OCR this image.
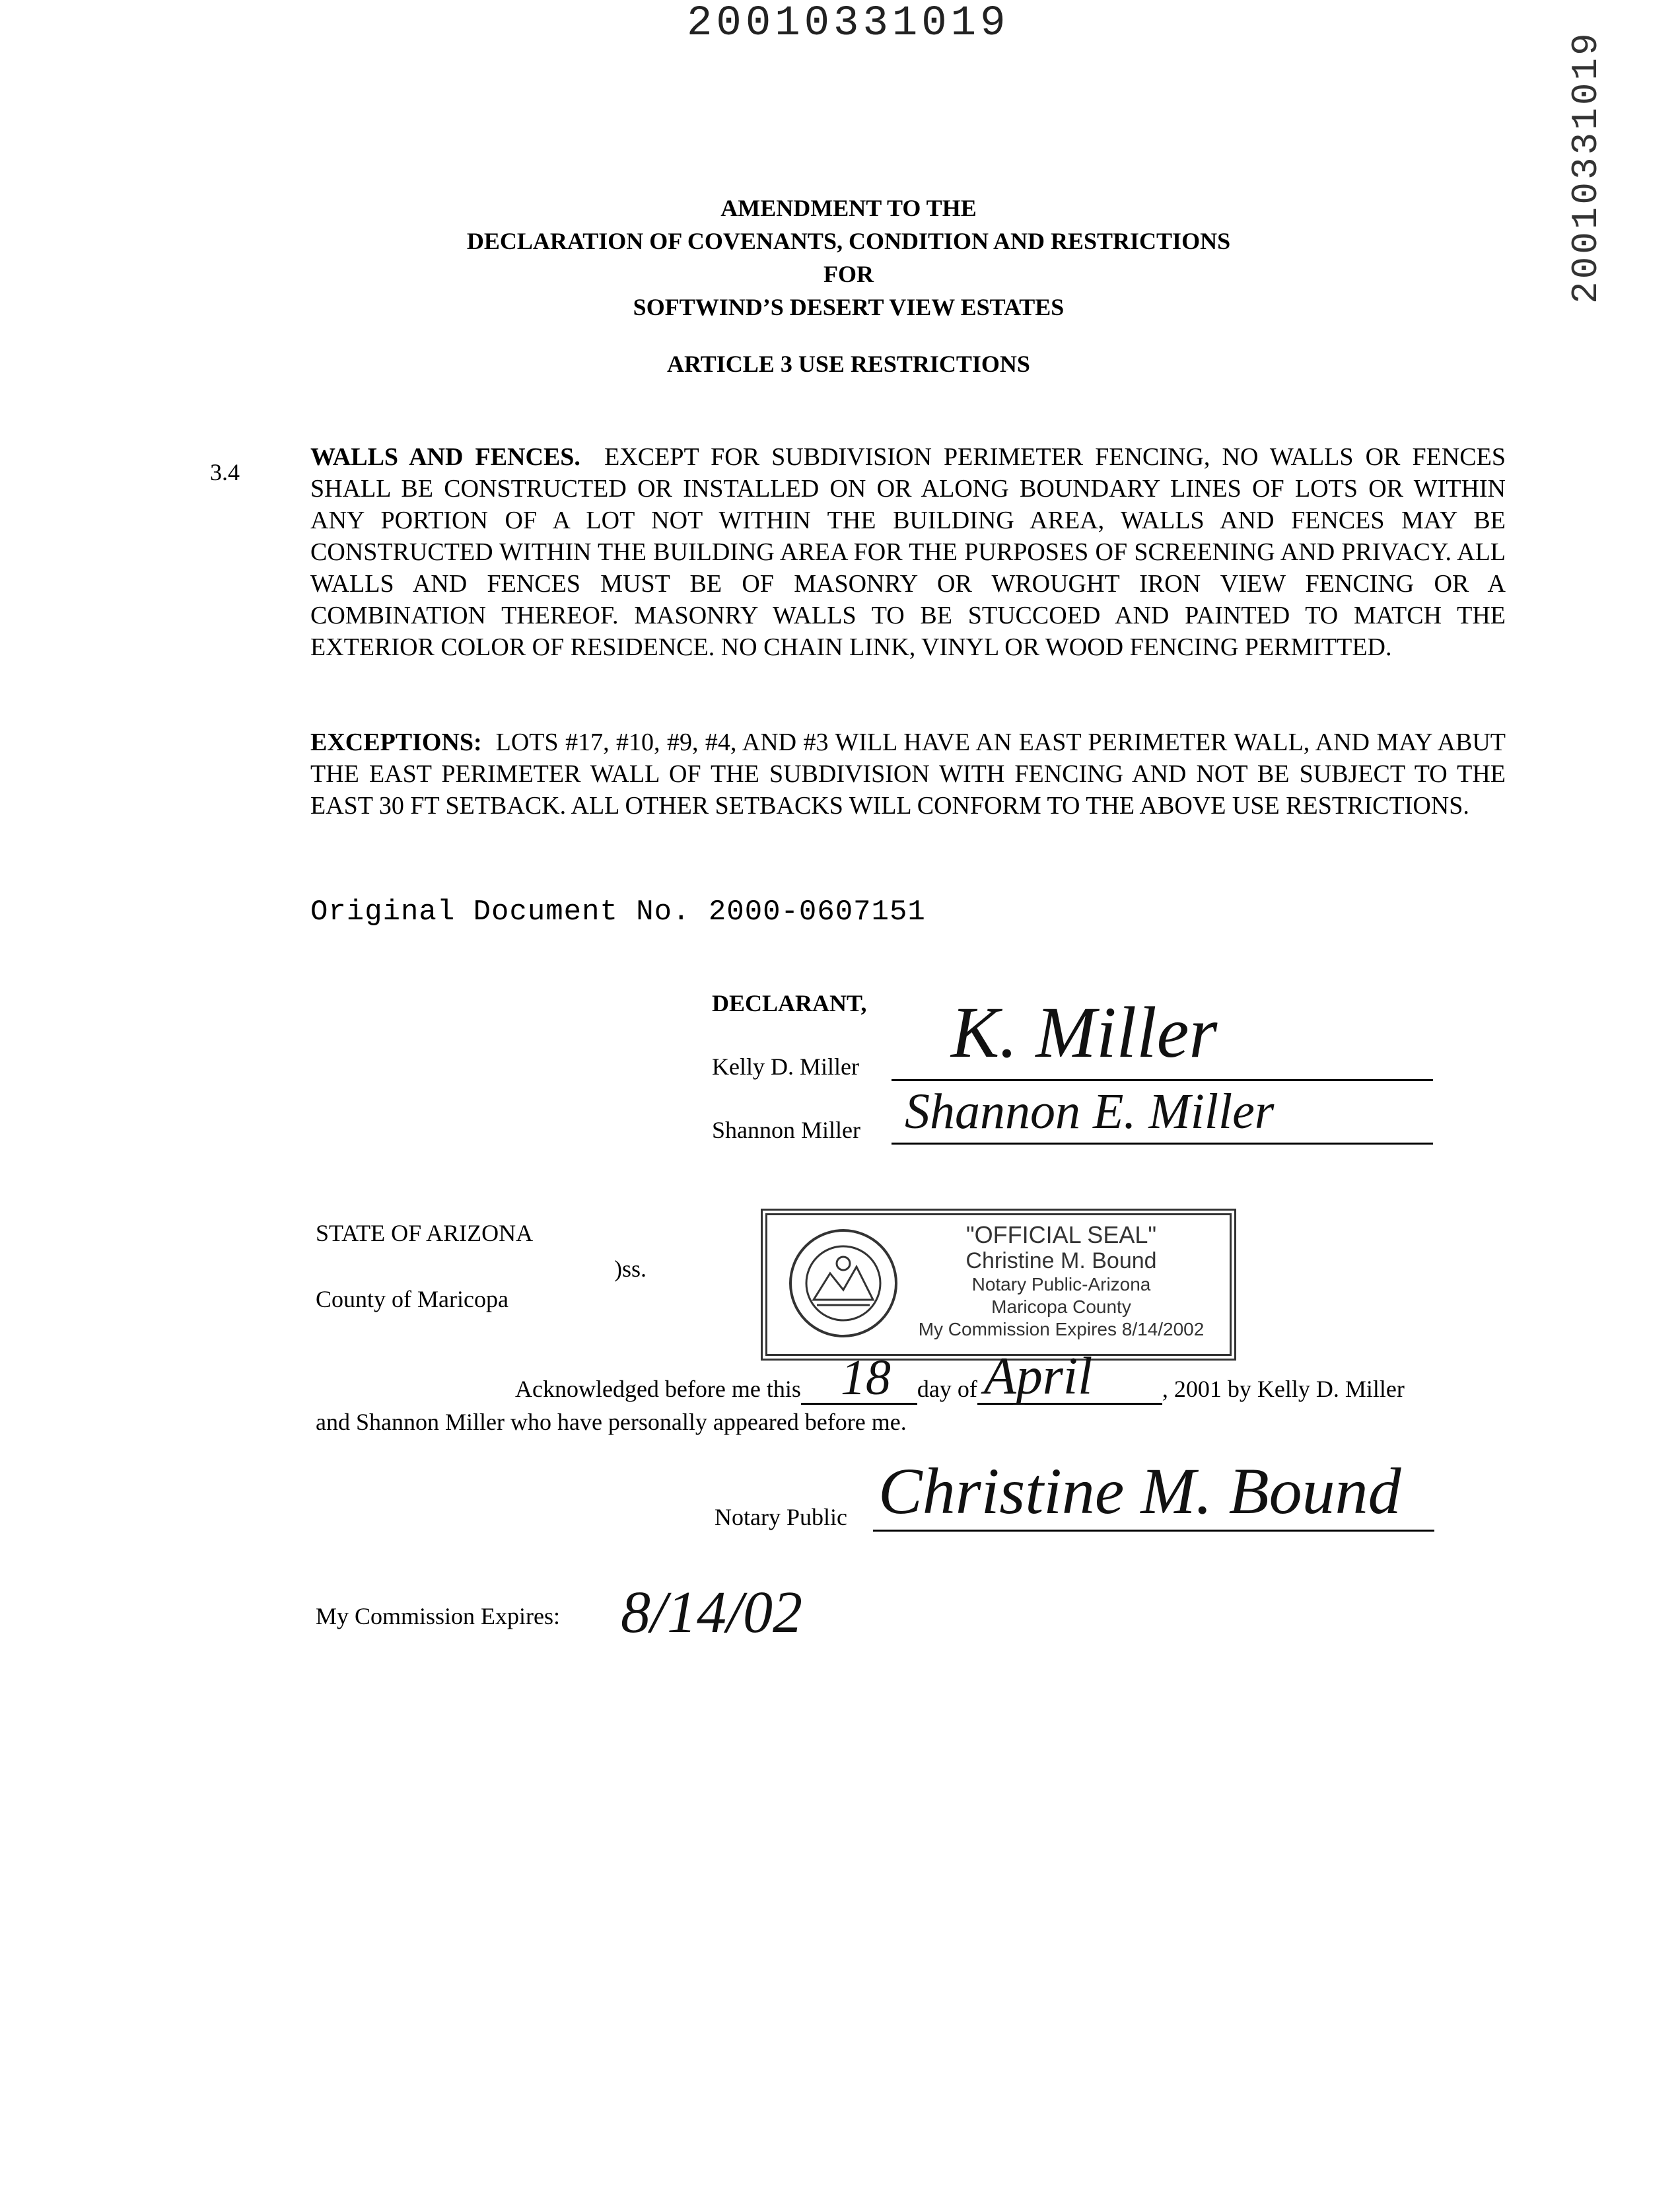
20010331019
20010331019
AMENDMENT TO THE
DECLARATION OF COVENANTS, CONDITION AND RESTRICTIONS
FOR
SOFTWIND’S DESERT VIEW ESTATES
ARTICLE 3 USE RESTRICTIONS
3.4
WALLS AND FENCES. EXCEPT FOR SUBDIVISION PERIMETER FENCING, NO WALLS OR FENCES SHALL BE CONSTRUCTED OR INSTALLED ON OR ALONG BOUNDARY LINES OF LOTS OR WITHIN ANY PORTION OF A LOT NOT WITHIN THE BUILDING AREA, WALLS AND FENCES MAY BE CONSTRUCTED WITHIN THE BUILDING AREA FOR THE PURPOSES OF SCREENING AND PRIVACY. ALL WALLS AND FENCES MUST BE OF MASONRY OR WROUGHT IRON VIEW FENCING OR A COMBINATION THEREOF. MASONRY WALLS TO BE STUCCOED AND PAINTED TO MATCH THE EXTERIOR COLOR OF RESIDENCE. NO CHAIN LINK, VINYL OR WOOD FENCING PERMITTED.
EXCEPTIONS: LOTS #17, #10, #9, #4, AND #3 WILL HAVE AN EAST PERIMETER WALL, AND MAY ABUT THE EAST PERIMETER WALL OF THE SUBDIVISION WITH FENCING AND NOT BE SUBJECT TO THE EAST 30 FT SETBACK. ALL OTHER SETBACKS WILL CONFORM TO THE ABOVE USE RESTRICTIONS.
Original Document No. 2000-0607151
DECLARANT,
Kelly D. Miller K. Miller
Shannon Miller Shannon E. Miller
STATE OF ARIZONA
)ss.
County of Maricopa
"OFFICIAL SEAL"
Christine M. Bound
Notary Public-Arizona
Maricopa County
My Commission Expires 8/14/2002
Acknowledged before me this 18 day of April	, 2001 by Kelly D. Miller
and Shannon Miller who have personally appeared before me.
Notary Public Christine M. Bound
My Commission Expires: 8/14/02
